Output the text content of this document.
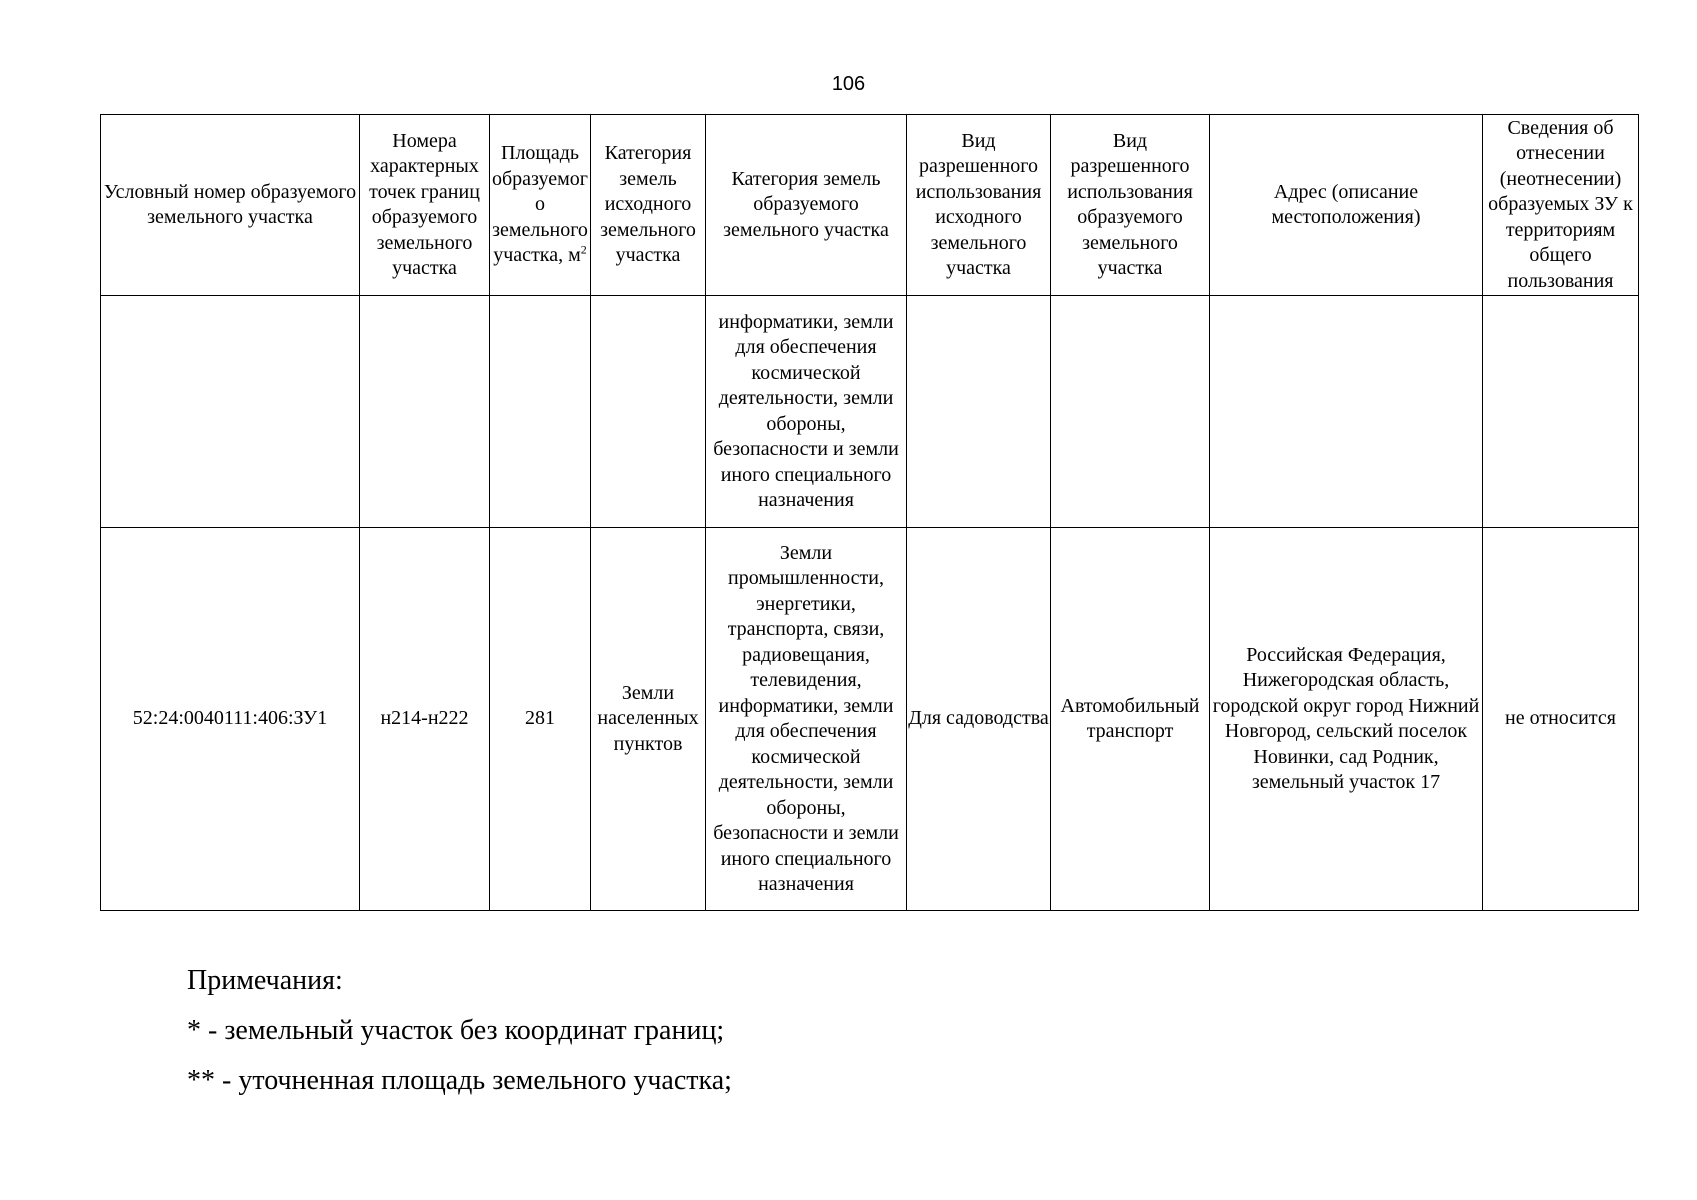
106
Условный номер образуемого земельного участка	Номера характерных точек границ образуемого земельного участка	Площадь образуемого земельного участка, $м^2$	Категория земель исходного земельного участка	Категория земель образуемого земельного участка	Вид разрешенного использования исходного земельного участка	Вид разрешенного использования образуемого земельного участка	Адрес (описание местоположения)	Сведения об отнесении (неотнесении) образуемых ЗУ к территориям общего пользования
				информатики, земли для обеспечения космической деятельности, земли обороны, безопасности и земли иного специального назначения				
52:24:0040111:406:ЗУ1	н214-н222	281	Земли населенных пунктов	Земли промышленности, энергетики, транспорта, связи, радиовещания, телевидения, информатики, земли для обеспечения космической деятельности, земли обороны, безопасности и земли иного специального назначения	Для садоводства	Автомобильный транспорт	Российская Федерация, Нижегородская область, городской округ город Нижний Новгород, сельский поселок Новинки, сад Родник, земельный участок 17	не относится
Примечания:
* - земельный участок без координат границ;
** - уточненная площадь земельного участка;
